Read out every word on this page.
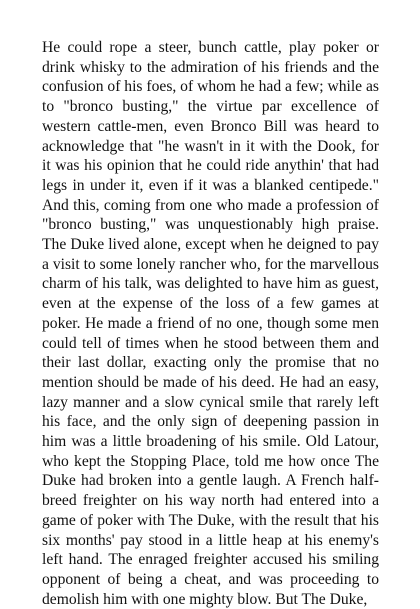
He could rope a steer, bunch cattle, play poker or drink whisky to the admiration of his friends and the confusion of his foes, of whom he had a few; while as to "bronco busting," the virtue par excellence of western cattle-men, even Bronco Bill was heard to acknowledge that "he wasn't in it with the Dook, for it was his opinion that he could ride anythin' that had legs in under it, even if it was a blanked centipede." And this, coming from one who made a profession of "bronco busting," was unquestionably high praise. The Duke lived alone, except when he deigned to pay a visit to some lonely rancher who, for the marvellous charm of his talk, was delighted to have him as guest, even at the expense of the loss of a few games at poker. He made a friend of no one, though some men could tell of times when he stood between them and their last dollar, exacting only the promise that no mention should be made of his deed. He had an easy, lazy manner and a slow cynical smile that rarely left his face, and the only sign of deepening passion in him was a little broadening of his smile. Old Latour, who kept the Stopping Place, told me how once The Duke had broken into a gentle laugh. A French half-breed freighter on his way north had entered into a game of poker with The Duke, with the result that his six months' pay stood in a little heap at his enemy's left hand. The enraged freighter accused his smiling opponent of being a cheat, and was proceeding to demolish him with one mighty blow. But The Duke,
